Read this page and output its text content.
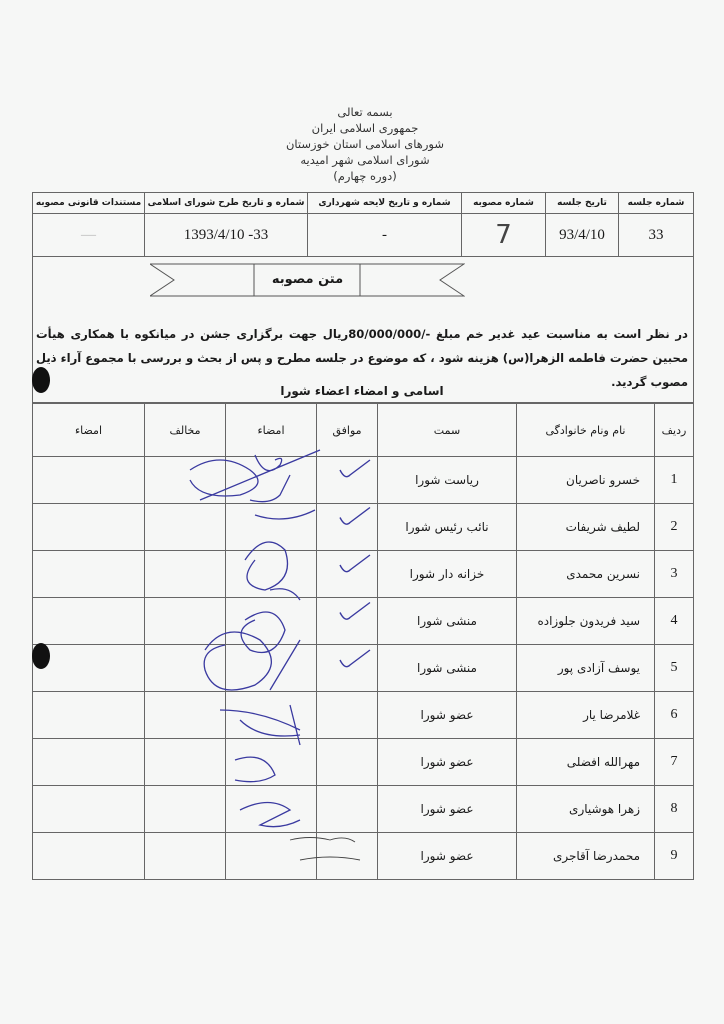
بسمه تعالی
جمهوری اسلامی ایران
شورهای اسلامی استان خوزستان
شورای اسلامی شهر امیدیه
(دوره چهارم)
شماره جلسه	تاریخ جلسه	شماره مصوبه	شماره و تاریخ لایحه شهرداری	شماره و تاریخ طرح شورای اسلامی	مستندات قانونی مصوبه
33	93/4/10	7	-	1393/4/10 -33	—
متن مصوبه
در نظر است به مناسبت عید غدیر خم مبلغ -/80/000/000ریال جهت برگزاری جشن در میانکوه با همکاری هیأت محبین حضرت فاطمه الزهرا(س) هزینه شود ، که موضوع در جلسه مطرح و پس از بحث و بررسی با مجموع آراء ذیل مصوب گردید.
اسامی و امضاء اعضاء شورا
ردیف	نام ونام خانوادگی	سمت	موافق	امضاء	مخالف	امضاء
1	خسرو ناصریان	ریاست شورا				
2	لطیف شریفات	نائب رئیس شورا				
3	نسرین محمدی	خزانه دار شورا				
4	سید فریدون جلوزاده	منشی شورا				
5	یوسف آزادی پور	منشی شورا				
6	غلامرضا یار	عضو شورا				
7	مهرالله افضلی	عضو شورا				
8	زهرا هوشیاری	عضو شورا				
9	محمدرضا آقاجری	عضو شورا				
